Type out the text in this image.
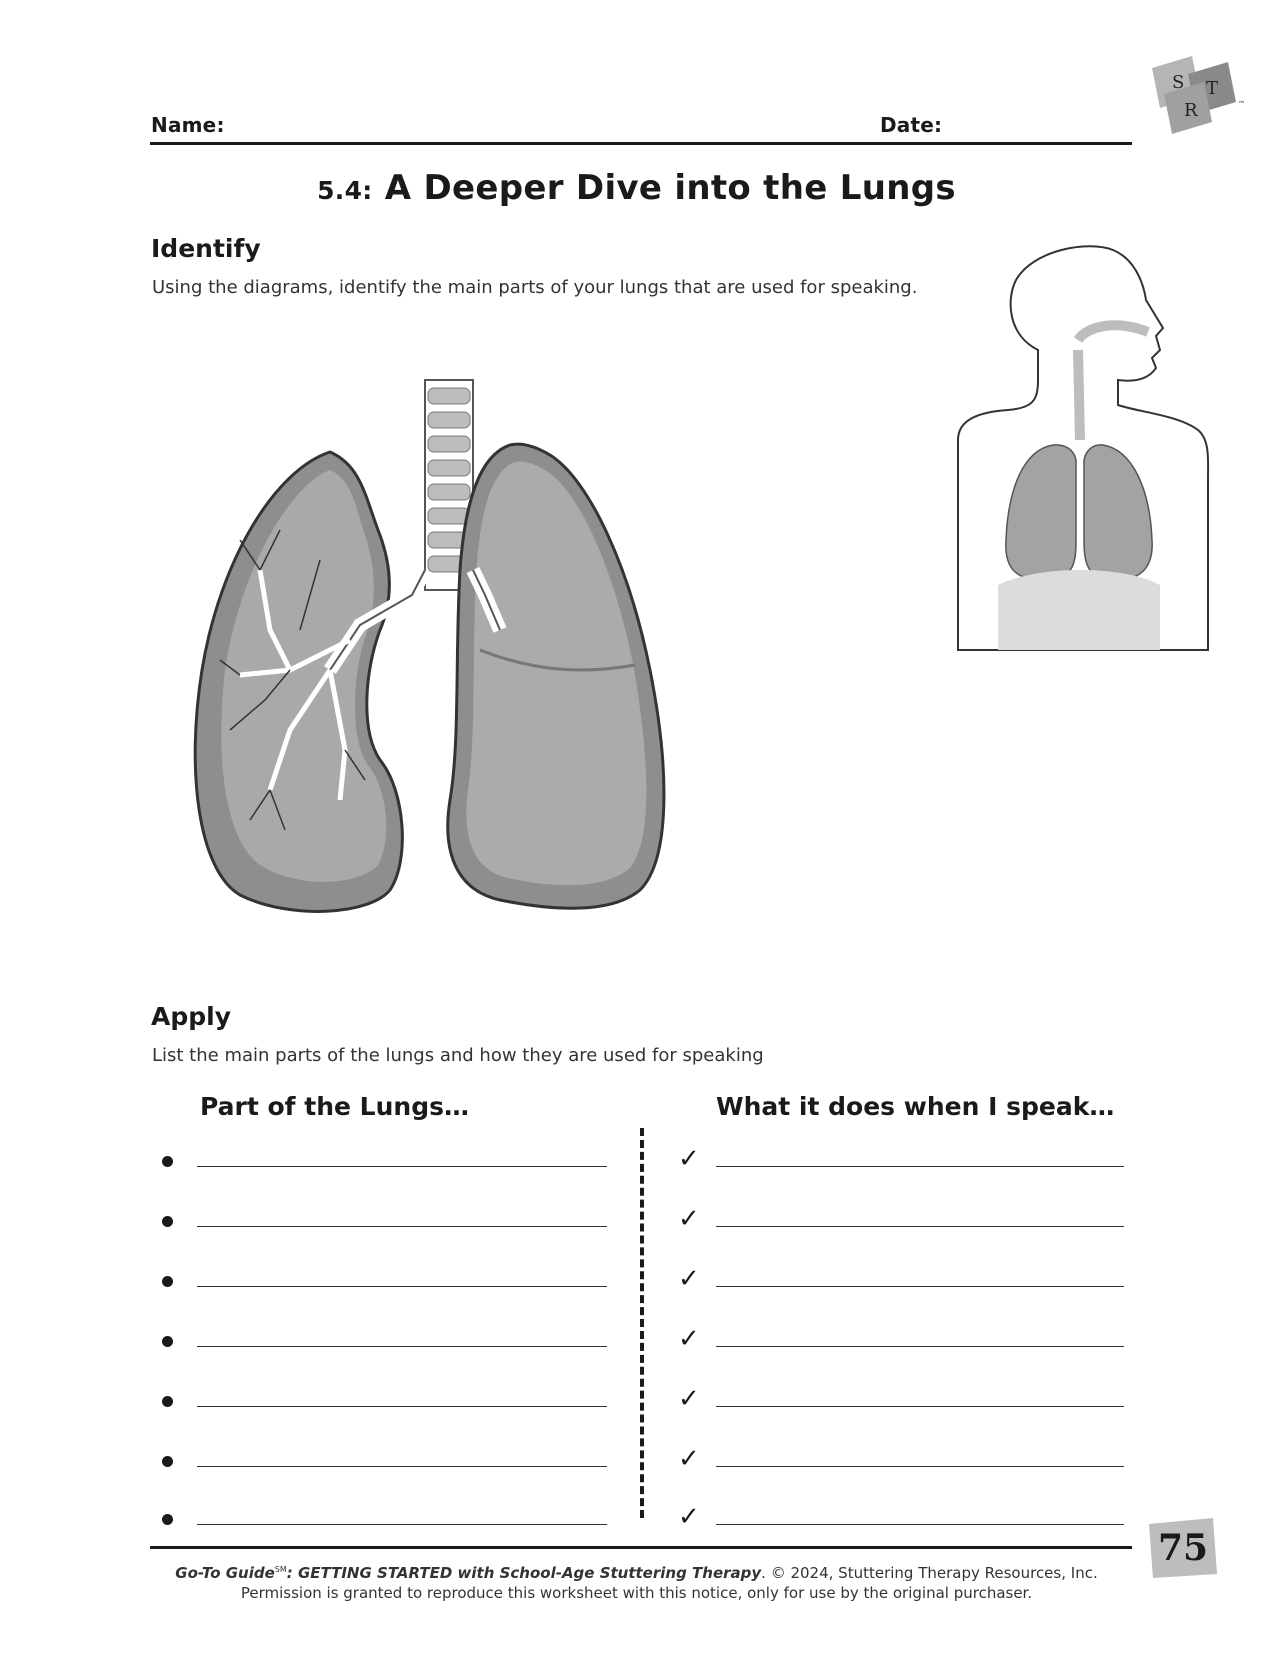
S T
R	™
Name:	Date:
5.4: A Deeper Dive into the Lungs
Identify
Using the diagrams, identify the main parts of your lungs that are used for speaking.
Apply
List the main parts of the lungs and how they are used for speaking
Part of the Lungs…	What it does when I speak…
✓
✓
✓
✓
✓
✓
✓
Go-To Guide℠: GETTING STARTED with School-Age Stuttering Therapy. © 2024, Stuttering Therapy Resources, Inc.
Permission is granted to reproduce this worksheet with this notice, only for use by the original purchaser.
75
